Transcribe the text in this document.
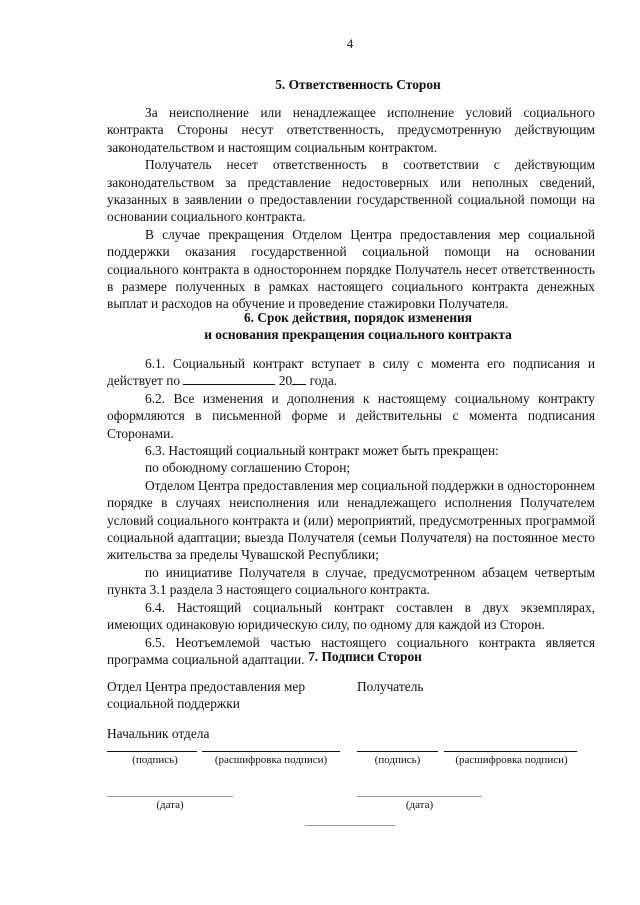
4
5. Ответственность Сторон

За неисполнение или ненадлежащее исполнение условий социального контракта Стороны несут ответственность, предусмотренную действующим законодательством и настоящим социальным контрактом.

Получатель несет ответственность в соответствии с действующим законодательством за представление недостоверных или неполных сведений, указанных в заявлении о предоставлении государственной социальной помощи на основании социального контракта.

В случае прекращения Отделом Центра предоставления мер социальной поддержки оказания государственной социальной помощи на основании социального контракта в одностороннем порядке Получатель несет ответственность в размере полученных в рамках настоящего социального контракта денежных выплат и расходов на обучение и проведение стажировки Получателя.

6. Срок действия, порядок изменения
и основания прекращения социального контракта

6.1. Социальный контракт вступает в силу с момента его подписания и действует по	20 года.

6.2. Все изменения и дополнения к настоящему социальному контракту оформляются в письменной форме и действительны с момента подписания Сторонами.

6.3. Настоящий социальный контракт может быть прекращен:

по обоюдному соглашению Сторон;

Отделом Центра предоставления мер социальной поддержки в одностороннем порядке в случаях неисполнения или ненадлежащего исполнения Получателем условий социального контракта и (или) мероприятий, предусмотренных программой социальной адаптации; выезда Получателя (семьи Получателя) на постоянное место жительства за пределы Чувашской Республики;

по инициативе Получателя в случае, предусмотренном абзацем четвертым пункта 3.1 раздела 3 настоящего социального контракта.

6.4. Настоящий социальный контракт составлен в двух экземплярах, имеющих одинаковую юридическую силу, по одному для каждой из Сторон.

6.5. Неотъемлемой частью настоящего социального контракта является программа социальной адаптации. 7. Подписи Сторон
Отдел Центра предоставления мер
социальной поддержки
Получатель
Начальник отдела
(подпись)	(расшифровка подписи)	(подпись)	(расшифровка подписи)
(дата)	(дата)
